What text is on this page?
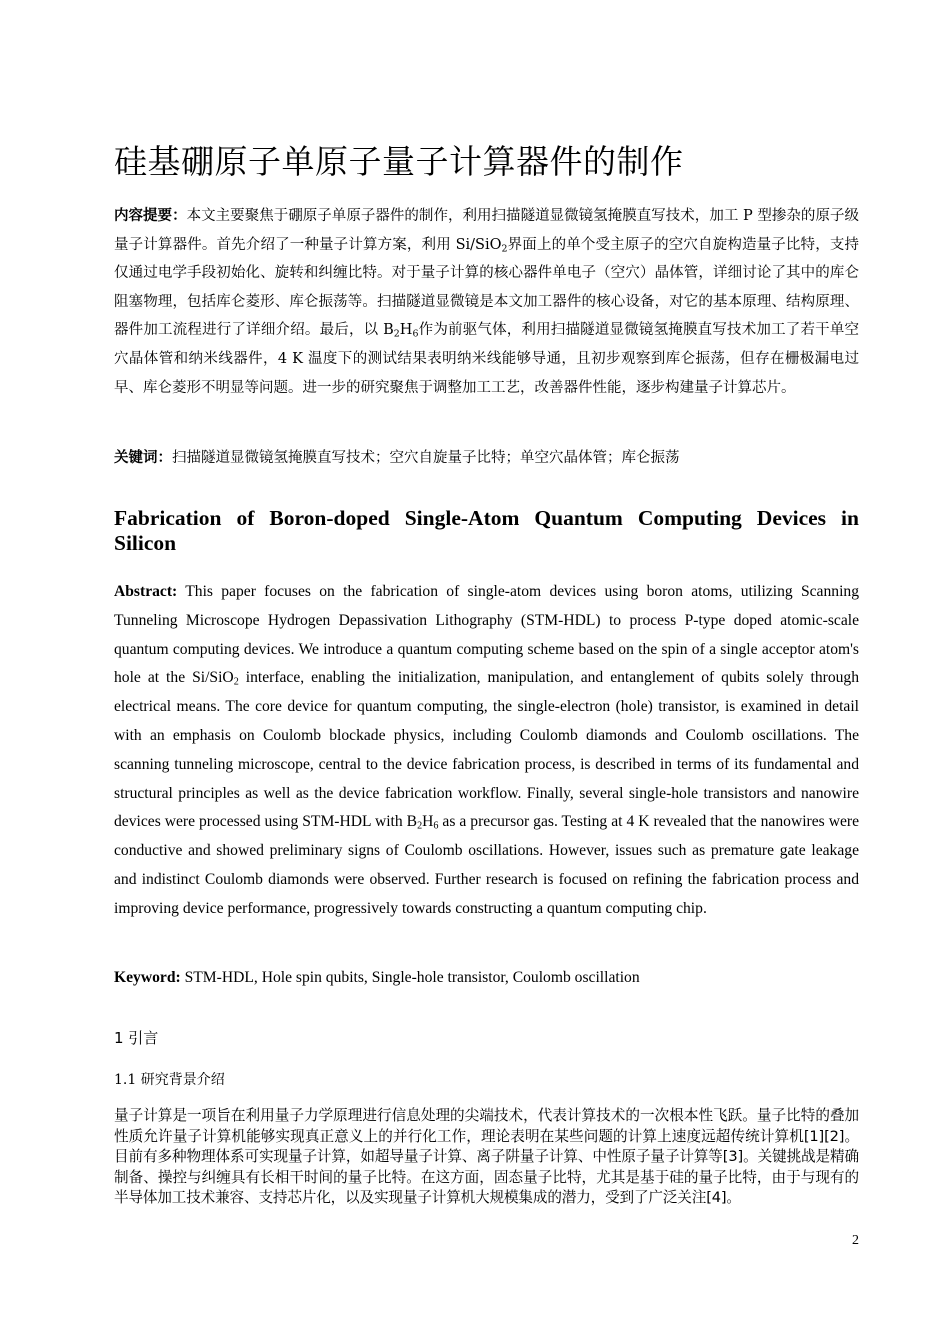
硅基硼原子单原子量子计算器件的制作

内容提要：本文主要聚焦于硼原子单原子器件的制作，利用扫描隧道显微镜氢掩膜直写技术，加工 P 型掺杂的原子级量子计算器件。首先介绍了一种量子计算方案，利用 Si/SiO$_2$界面上的单个受主原子的空穴自旋构造量子比特，支持仅通过电学手段初始化、旋转和纠缠比特。对于量子计算的核心器件单电子（空穴）晶体管，详细讨论了其中的库仑阻塞物理，包括库仑菱形、库仑振荡等。扫描隧道显微镜是本文加工器件的核心设备，对它的基本原理、结构原理、器件加工流程进行了详细介绍。最后，以 $B_2H_6$作为前驱气体，利用扫描隧道显微镜氢掩膜直写技术加工了若干单空穴晶体管和纳米线器件，4 K 温度下的测试结果表明纳米线能够导通，且初步观察到库仑振荡，但存在栅极漏电过早、库仑菱形不明显等问题。进一步的研究聚焦于调整加工工艺，改善器件性能，逐步构建量子计算芯片。

关键词：扫描隧道显微镜氢掩膜直写技术；空穴自旋量子比特；单空穴晶体管；库仑振荡

Fabrication of Boron-doped Single-Atom Quantum Computing Devices in Silicon

Abstract: This paper focuses on the fabrication of single-atom devices using boron atoms, utilizing Scanning Tunneling Microscope Hydrogen Depassivation Lithography (STM-HDL) to process P-type doped atomic-scale quantum computing devices. We introduce a quantum computing scheme based on the spin of a single acceptor atom's hole at the Si/SiO$_2$ interface, enabling the initialization, manipulation, and entanglement of qubits solely through electrical means. The core device for quantum computing, the single-electron (hole) transistor, is examined in detail with an emphasis on Coulomb blockade physics, including Coulomb diamonds and Coulomb oscillations. The scanning tunneling microscope, central to the device fabrication process, is described in terms of its fundamental and structural principles as well as the device fabrication workflow. Finally, several single-hole transistors and nanowire devices were processed using STM-HDL with $B_2H_6$ as a precursor gas. Testing at 4 K revealed that the nanowires were conductive and showed preliminary signs of Coulomb oscillations. However, issues such as premature gate leakage and indistinct Coulomb diamonds were observed. Further research is focused on refining the fabrication process and improving device performance, progressively towards constructing a quantum computing chip.

Keyword: STM-HDL, Hole spin qubits, Single-hole transistor, Coulomb oscillation

1 引言
1.1 研究背景介绍

量子计算是一项旨在利用量子力学原理进行信息处理的尖端技术，代表计算技术的一次根本性飞跃。量子比特的叠加性质允许量子计算机能够实现真正意义上的并行化工作，理论表明在某些问题的计算上速度远超传统计算机[1][2]。目前有多种物理体系可实现量子计算，如超导量子计算、离子阱量子计算、中性原子量子计算等[3]。关键挑战是精确制备、操控与纠缠具有长相干时间的量子比特。在这方面，固态量子比特，尤其是基于硅的量子比特，由于与现有的半导体加工技术兼容、支持芯片化，以及实现量子计算机大规模集成的潜力，受到了广泛关注[4]。

2
